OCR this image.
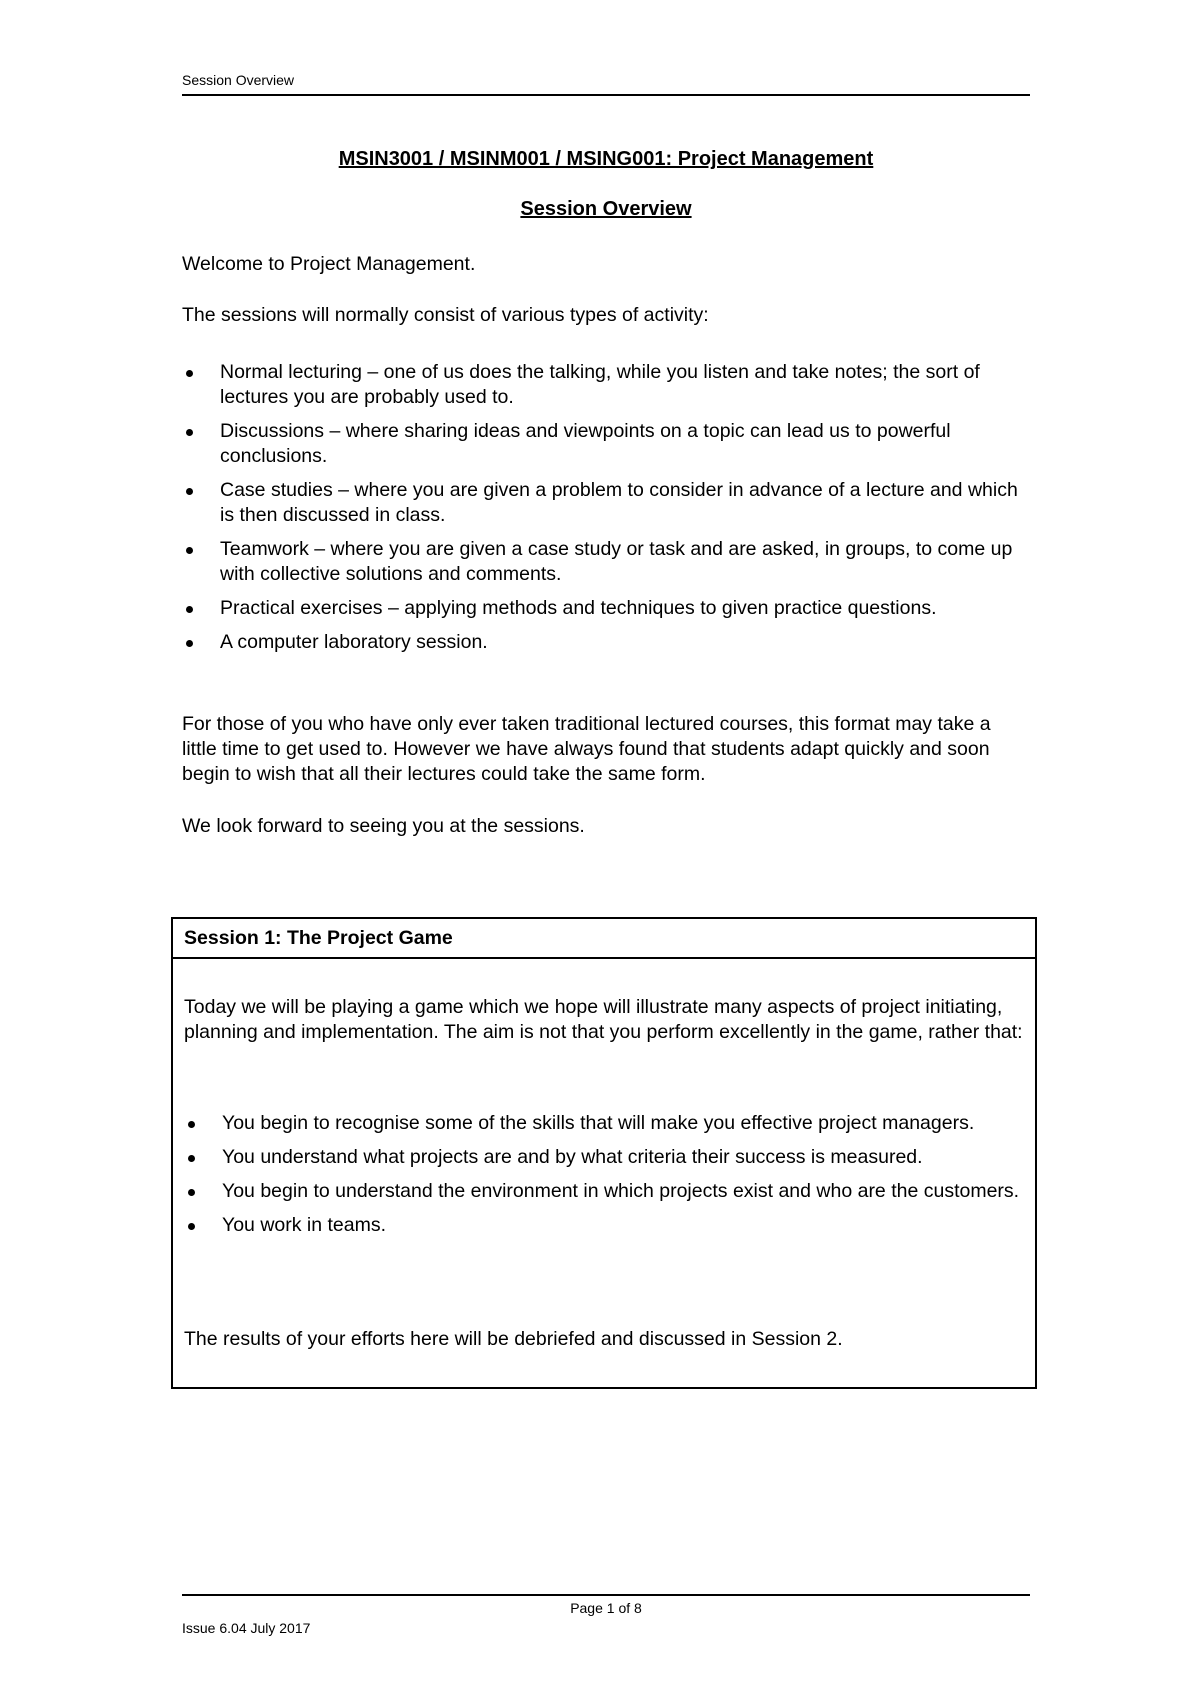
Session Overview
MSIN3001 / MSINM001 / MSING001: Project Management
Session Overview
Welcome to Project Management.
The sessions will normally consist of various types of activity:
Normal lecturing – one of us does the talking, while you listen and take notes; the sort of lectures you are probably used to.
Discussions – where sharing ideas and viewpoints on a topic can lead us to powerful conclusions.
Case studies – where you are given a problem to consider in advance of a lecture and which is then discussed in class.
Teamwork – where you are given a case study or task and are asked, in groups, to come up with collective solutions and comments.
Practical exercises – applying methods and techniques to given practice questions.
A computer laboratory session.
For those of you who have only ever taken traditional lectured courses, this format may take a little time to get used to. However we have always found that students adapt quickly and soon begin to wish that all their lectures could take the same form.
We look forward to seeing you at the sessions.
Session 1: The Project Game
Today we will be playing a game which we hope will illustrate many aspects of project initiating, planning and implementation. The aim is not that you perform excellently in the game, rather that:
You begin to recognise some of the skills that will make you effective project managers.
You understand what projects are and by what criteria their success is measured.
You begin to understand the environment in which projects exist and who are the customers.
You work in teams.
The results of your efforts here will be debriefed and discussed in Session 2.
Page 1 of 8
Issue 6.04 July 2017
